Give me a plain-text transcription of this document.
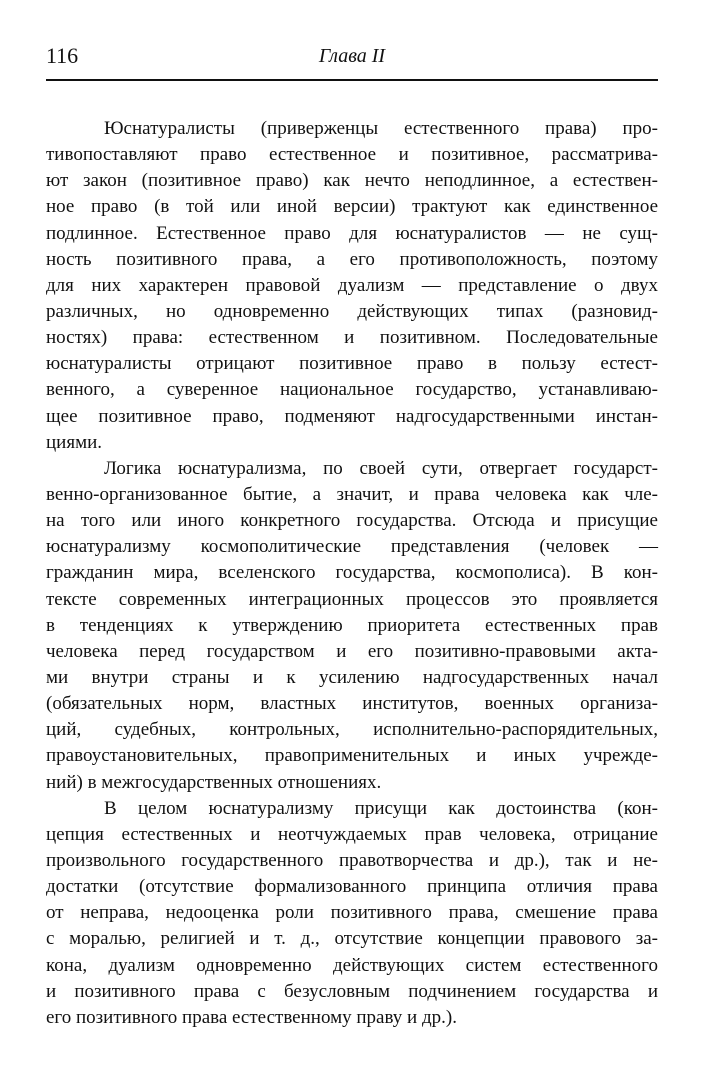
116	Глава II
Юснатуралисты (приверженцы естественного права) про-
тивопоставляют право естественное и позитивное, рассматрива-
ют закон (позитивное право) как нечто неподлинное, а естествен-
ное право (в той или иной версии) трактуют как единственное
подлинное. Естественное право для юснатуралистов — не сущ-
ность позитивного права, а его противоположность, поэтому
для них характерен правовой дуализм — представление о двух
различных, но одновременно действующих типах (разновид-
ностях) права: естественном и позитивном. Последовательные
юснатуралисты отрицают позитивное право в пользу естест-
венного, а суверенное национальное государство, устанавливаю-
щее позитивное право, подменяют надгосударственными инстан-
циями.
Логика юснатурализма, по своей сути, отвергает государст-
венно-организованное бытие, а значит, и права человека как чле-
на того или иного конкретного государства. Отсюда и присущие
юснатурализму космополитические представления (человек —
гражданин мира, вселенского государства, космополиса). В кон-
тексте современных интеграционных процессов это проявляется
в тенденциях к утверждению приоритета естественных прав
человека перед государством и его позитивно-правовыми акта-
ми внутри страны и к усилению надгосударственных начал
(обязательных норм, властных институтов, военных организа-
ций, судебных, контрольных, исполнительно-распорядительных,
правоустановительных, правоприменительных и иных учрежде-
ний) в межгосударственных отношениях.
В целом юснатурализму присущи как достоинства (кон-
цепция естественных и неотчуждаемых прав человека, отрицание
произвольного государственного правотворчества и др.), так и не-
достатки (отсутствие формализованного принципа отличия права
от неправа, недооценка роли позитивного права, смешение права
с моралью, религией и т. д., отсутствие концепции правового за-
кона, дуализм одновременно действующих систем естественного
и позитивного права с безусловным подчинением государства и
его позитивного права естественному праву и др.).
